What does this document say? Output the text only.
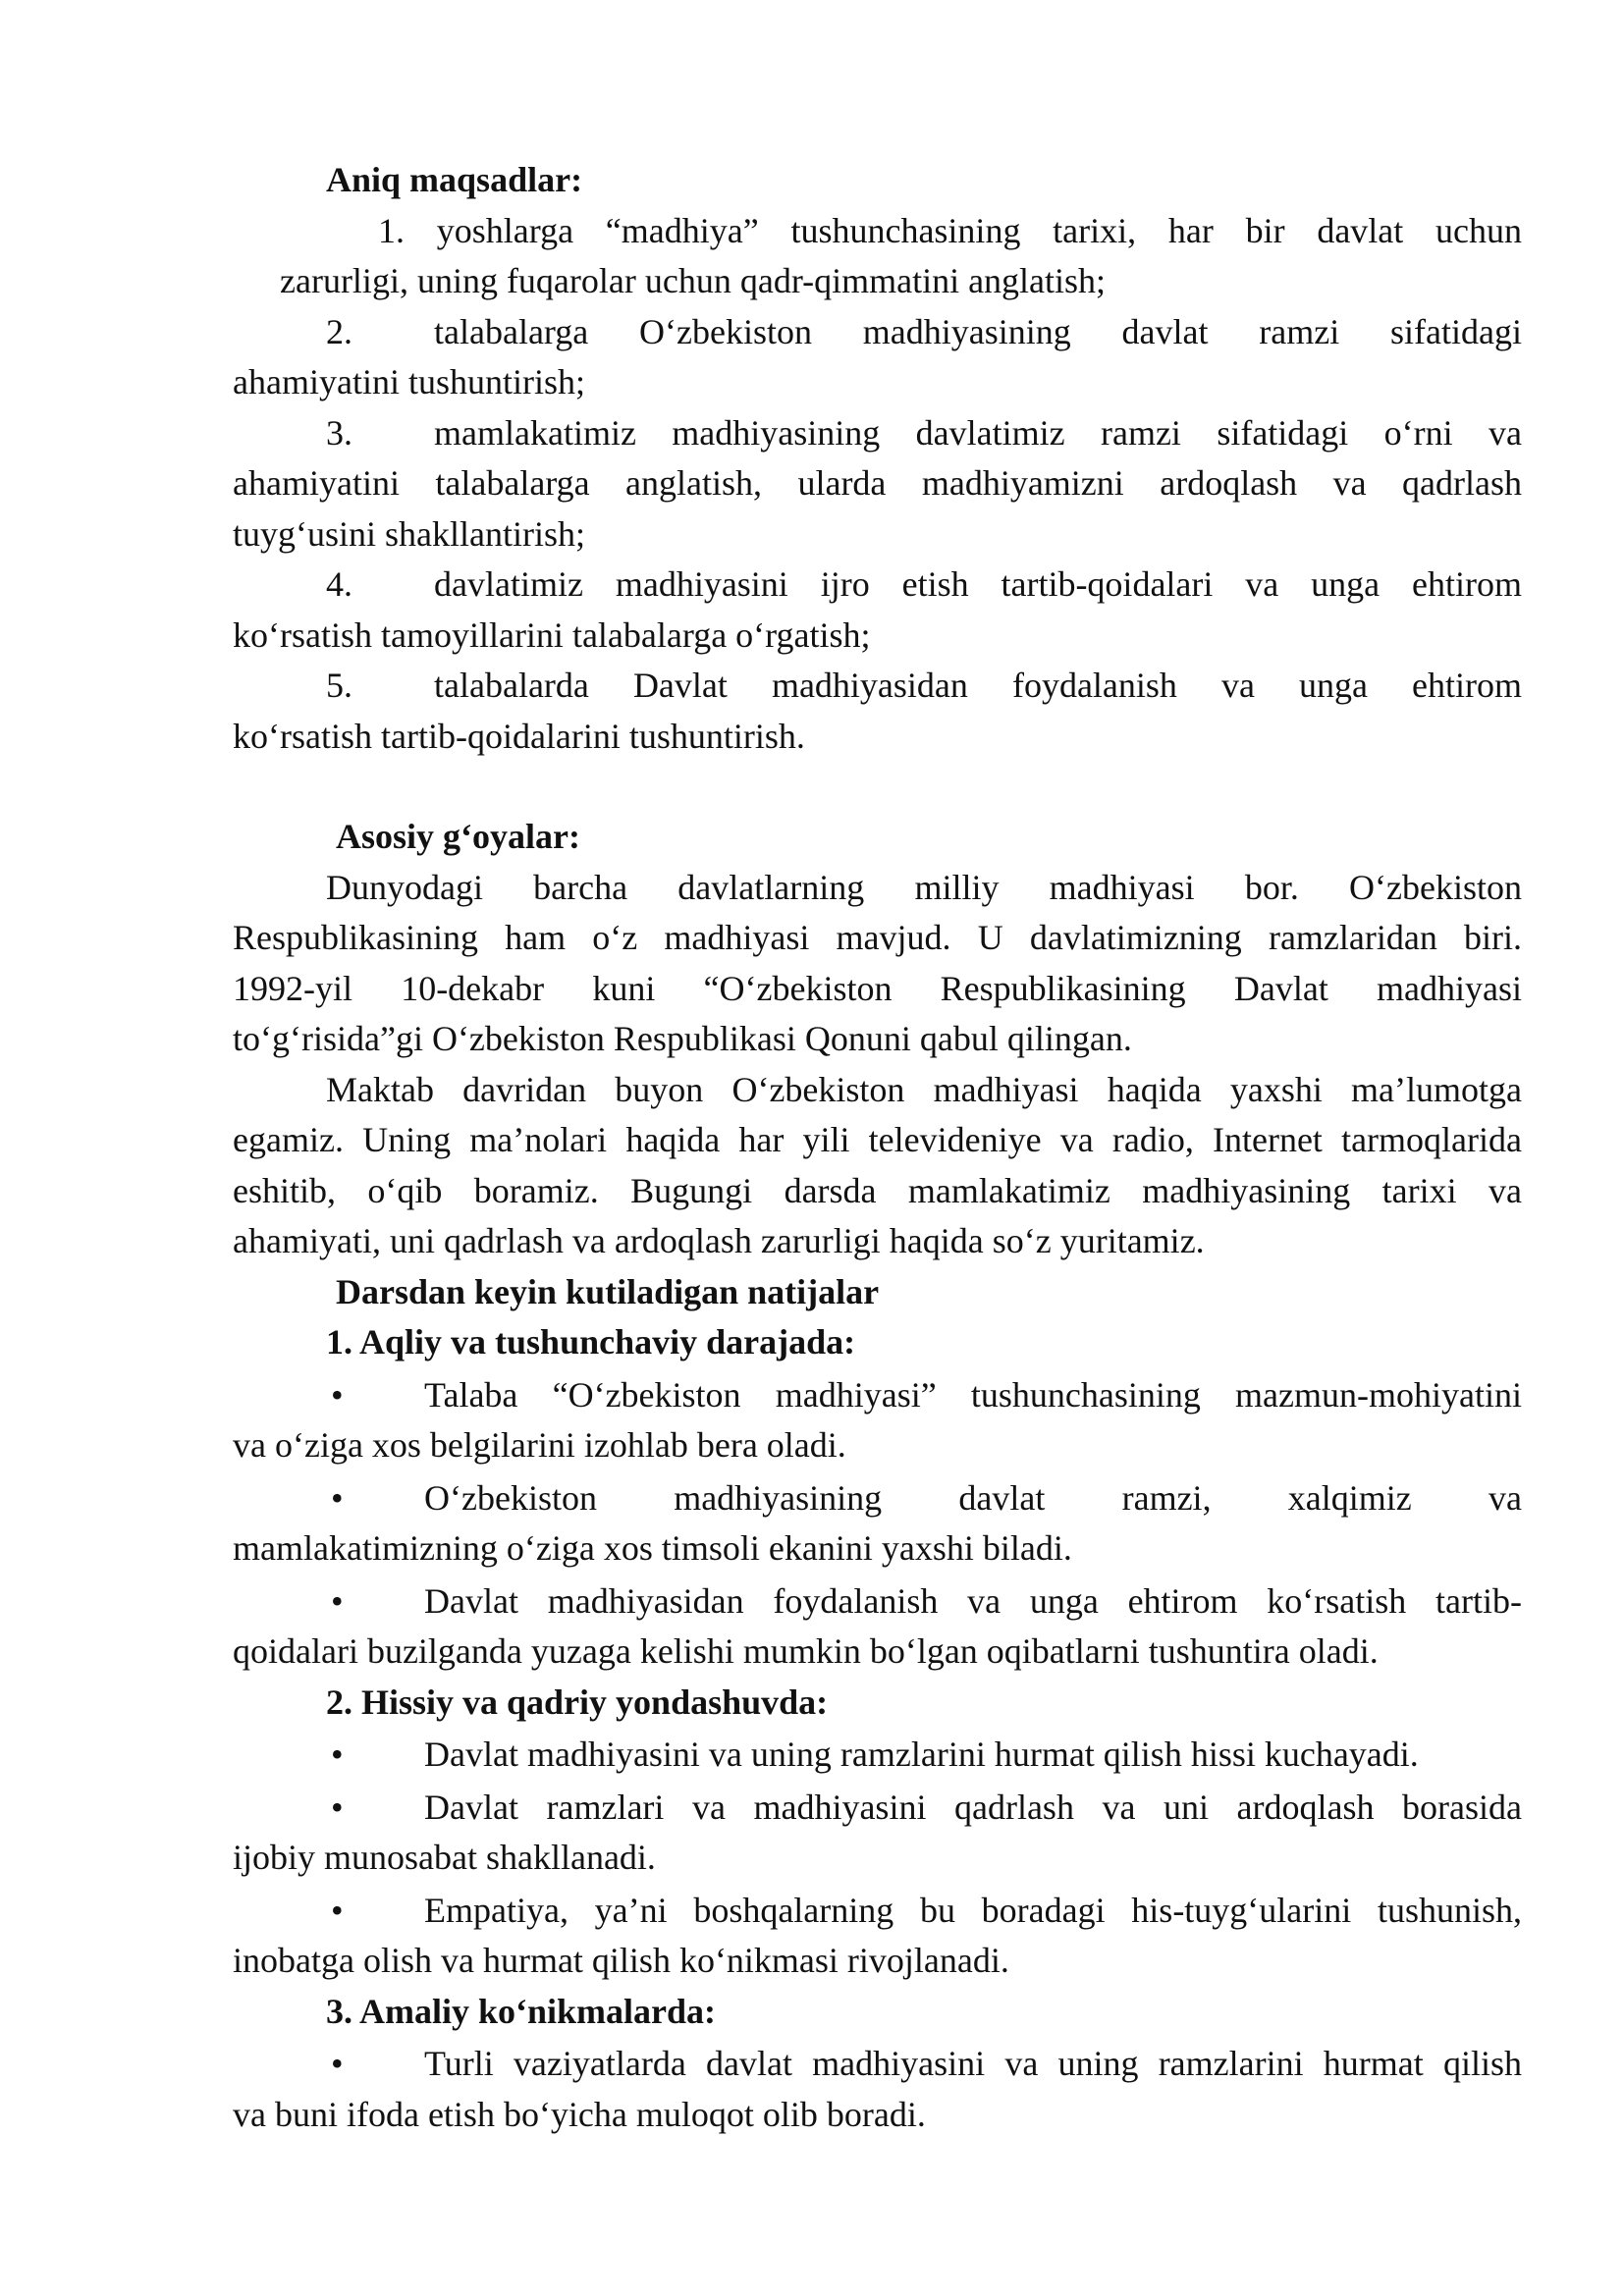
Aniq maqsadlar:
1. yoshlarga “madhiya” tushunchasining tarixi, har bir davlat uchun
zarurligi, uning fuqarolar uchun qadr-qimmatini anglatish;
2. talabalarga O‘zbekiston madhiyasining davlat ramzi sifatidagi
ahamiyatini tushuntirish;
3. mamlakatimiz madhiyasining davlatimiz ramzi sifatidagi o‘rni va
ahamiyatini talabalarga anglatish, ularda madhiyamizni ardoqlash va qadrlash
tuyg‘usini shakllantirish;
4. davlatimiz madhiyasini ijro etish tartib-qoidalari va unga ehtirom
ko‘rsatish tamoyillarini talabalarga o‘rgatish;
5. talabalarda Davlat madhiyasidan foydalanish va unga ehtirom
ko‘rsatish tartib-qoidalarini tushuntirish.
Asosiy g‘oyalar:
Dunyodagi barcha davlatlarning milliy madhiyasi bor. O‘zbekiston
Respublikasining ham o‘z madhiyasi mavjud. U davlatimizning ramzlaridan biri.
1992-yil 10-dekabr kuni “O‘zbekiston Respublikasining Davlat madhiyasi
to‘g‘risida”gi O‘zbekiston Respublikasi Qonuni qabul qilingan.
Maktab davridan buyon O‘zbekiston madhiyasi haqida yaxshi ma’lumotga
egamiz. Uning ma’nolari haqida har yili televideniye va radio, Internet tarmoqlarida
eshitib, o‘qib boramiz. Bugungi darsda mamlakatimiz madhiyasining tarixi va
ahamiyati, uni qadrlash va ardoqlash zarurligi haqida so‘z yuritamiz.
Darsdan keyin kutiladigan natijalar
1. Aqliy va tushunchaviy darajada:
• Talaba “O‘zbekiston madhiyasi” tushunchasining mazmun-mohiyatini
va o‘ziga xos belgilarini izohlab bera oladi.
• O‘zbekiston madhiyasining davlat ramzi, xalqimiz va
mamlakatimizning o‘ziga xos timsoli ekanini yaxshi biladi.
• Davlat madhiyasidan foydalanish va unga ehtirom ko‘rsatish tartib-
qoidalari buzilganda yuzaga kelishi mumkin bo‘lgan oqibatlarni tushuntira oladi.
2. Hissiy va qadriy yondashuvda:
• Davlat madhiyasini va uning ramzlarini hurmat qilish hissi kuchayadi.
• Davlat ramzlari va madhiyasini qadrlash va uni ardoqlash borasida
ijobiy munosabat shakllanadi.
• Empatiya, ya’ni boshqalarning bu boradagi his-tuyg‘ularini tushunish,
inobatga olish va hurmat qilish ko‘nikmasi rivojlanadi.
3. Amaliy ko‘nikmalarda:
• Turli vaziyatlarda davlat madhiyasini va uning ramzlarini hurmat qilish
va buni ifoda etish bo‘yicha muloqot olib boradi.
